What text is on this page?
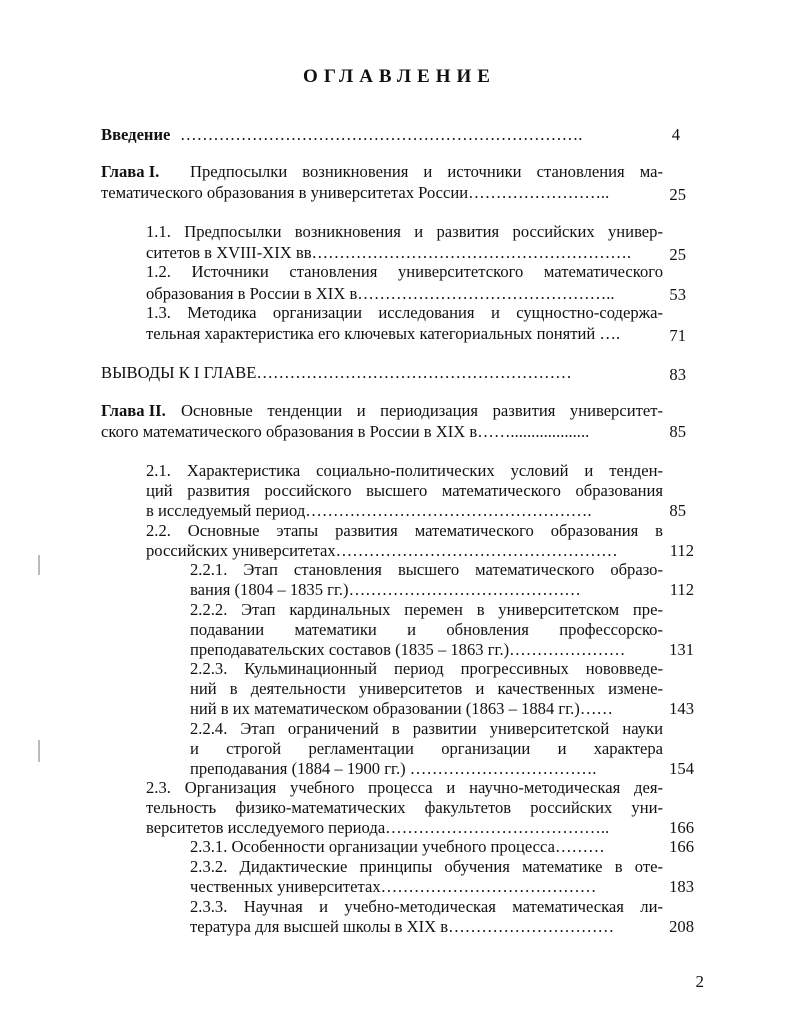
ОГЛАВЛЕНИЕ
Введение ……………………………………………………………….	4
Глава I. Предпосылки возникновения и источники становления ма-
тематического образования в университетах России……………………..	25
1.1. Предпосылки возникновения и развития российских универ-
ситетов в XVIII-XIX вв………………………………………………….	25
1.2. Источники становления университетского математического
образования в России в XIX в………………………………………..	53
1.3. Методика организации исследования и сущностно-содержа-
тельная характеристика его ключевых категориальных понятий ….	71
ВЫВОДЫ К I ГЛАВЕ…………………………………………………	83
Глава II. Основные тенденции и периодизация развития университет-
ского математического образования в России в XIX в……...................	85
2.1. Характеристика социально-политических условий и тенден-
ций развития российского высшего математического образования
в исследуемый период…………………………………………….	85
2.2. Основные этапы развития математического образования в
российских университетах……………………………………………	112
2.2.1. Этап становления высшего математического образо-
вания (1804 – 1835 гг.)……………………………………	112
2.2.2. Этап кардинальных перемен в университетском пре-
подавании математики и обновления профессорско-
преподавательских составов (1835 – 1863 гг.)…………………	131
2.2.3. Кульминационный период прогрессивных нововведе-
ний в деятельности университетов и качественных измене-
ний в их математическом образовании (1863 – 1884 гг.)……	143
2.2.4. Этап ограничений в развитии университетской науки
и строгой регламентации организации и характера
преподавания (1884 – 1900 гг.) …………………………….	154
2.3. Организация учебного процесса и научно-методическая дея-
тельность физико-математических факультетов российских уни-
верситетов исследуемого периода…………………………………..	166
2.3.1. Особенности организации учебного процесса………	166
2.3.2. Дидактические принципы обучения математике в оте-
чественных университетах…………………………………	183
2.3.3. Научная и учебно-методическая математическая ли-
тература для высшей школы в XIX в…………………………	208
2
